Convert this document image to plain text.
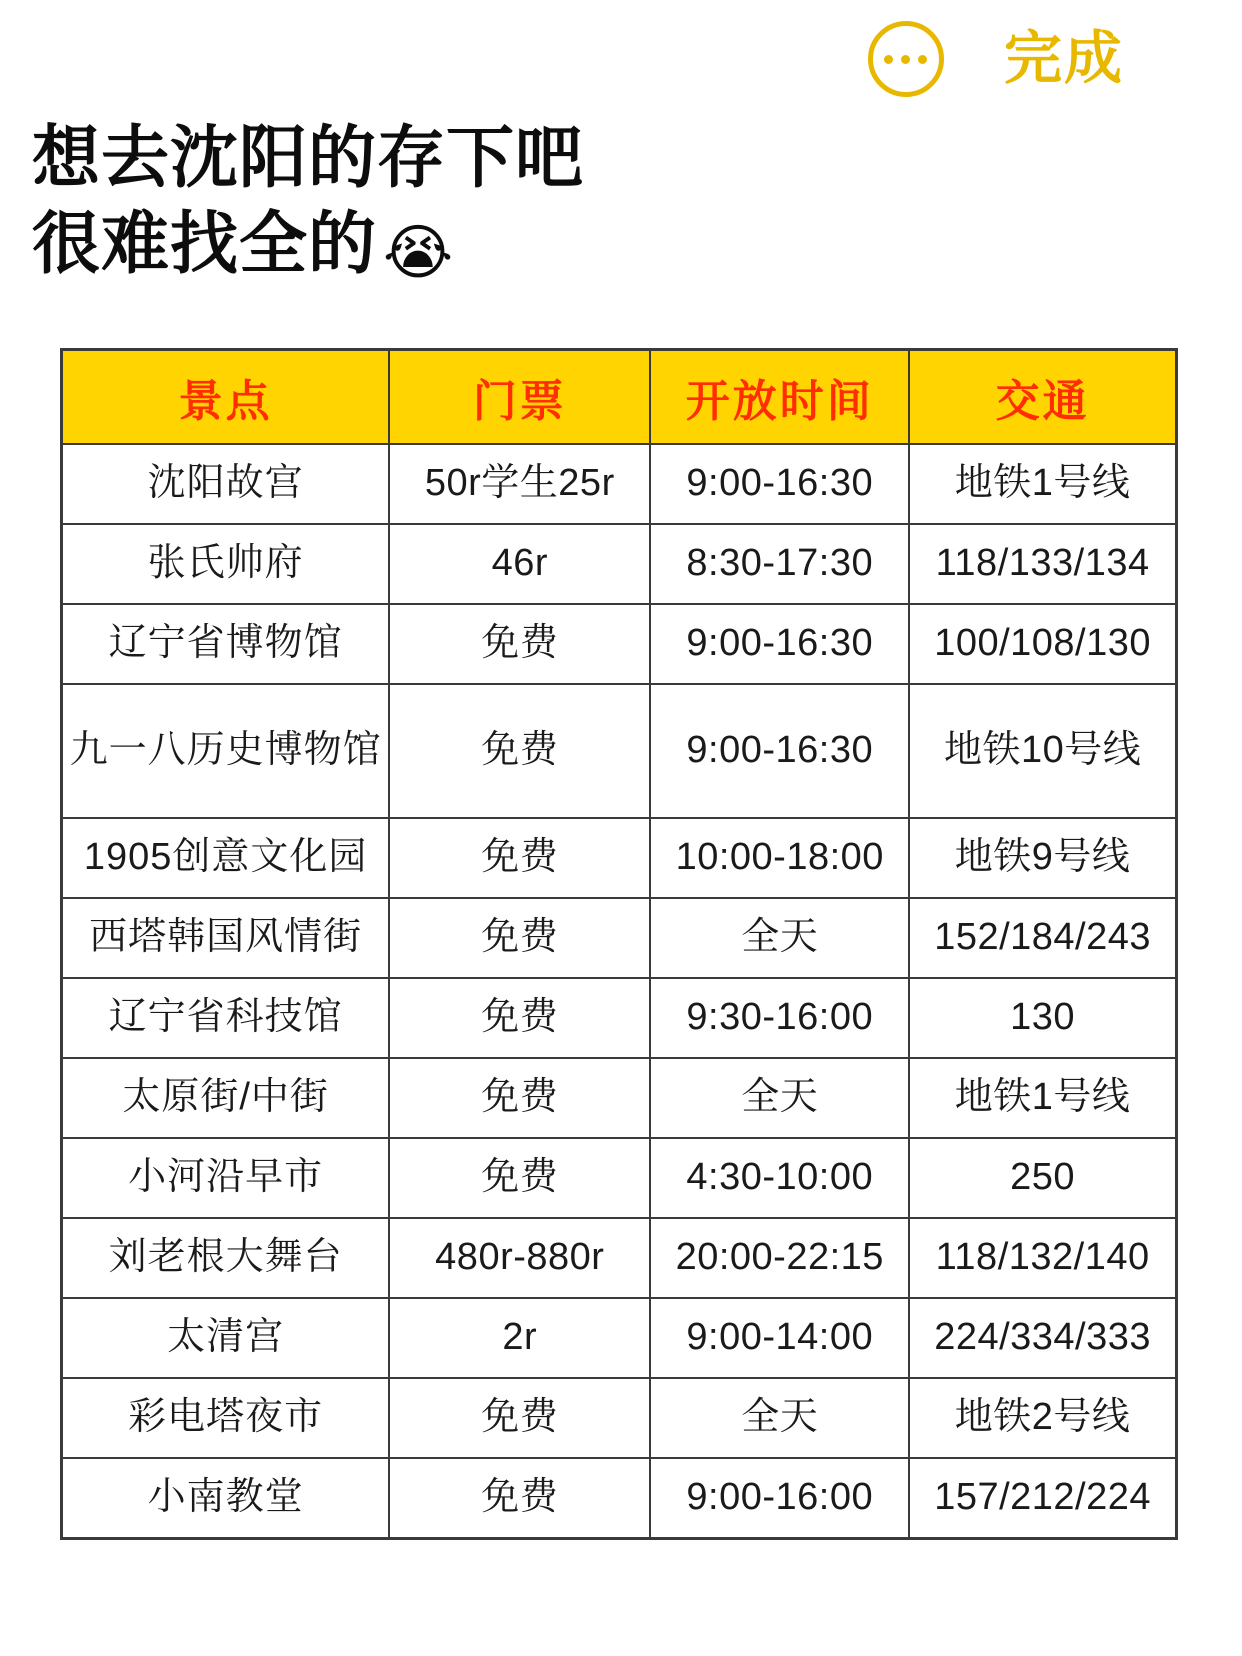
完成
想去沈阳的存下吧
很难找全的 😭
景点	门票	开放时间	交通
沈阳故宫	50r学生25r	9:00-16:30	地铁1号线
张氏帅府	46r	8:30-17:30	118/133/134
辽宁省博物馆	免费	9:00-16:30	100/108/130
九一八历史博物馆	免费	9:00-16:30	地铁10号线
1905创意文化园	免费	10:00-18:00	地铁9号线
西塔韩国风情街	免费	全天	152/184/243
辽宁省科技馆	免费	9:30-16:00	130
太原街/中街	免费	全天	地铁1号线
小河沿早市	免费	4:30-10:00	250
刘老根大舞台	480r-880r	20:00-22:15	118/132/140
太清宫	2r	9:00-14:00	224/334/333
彩电塔夜市	免费	全天	地铁2号线
小南教堂	免费	9:00-16:00	157/212/224
